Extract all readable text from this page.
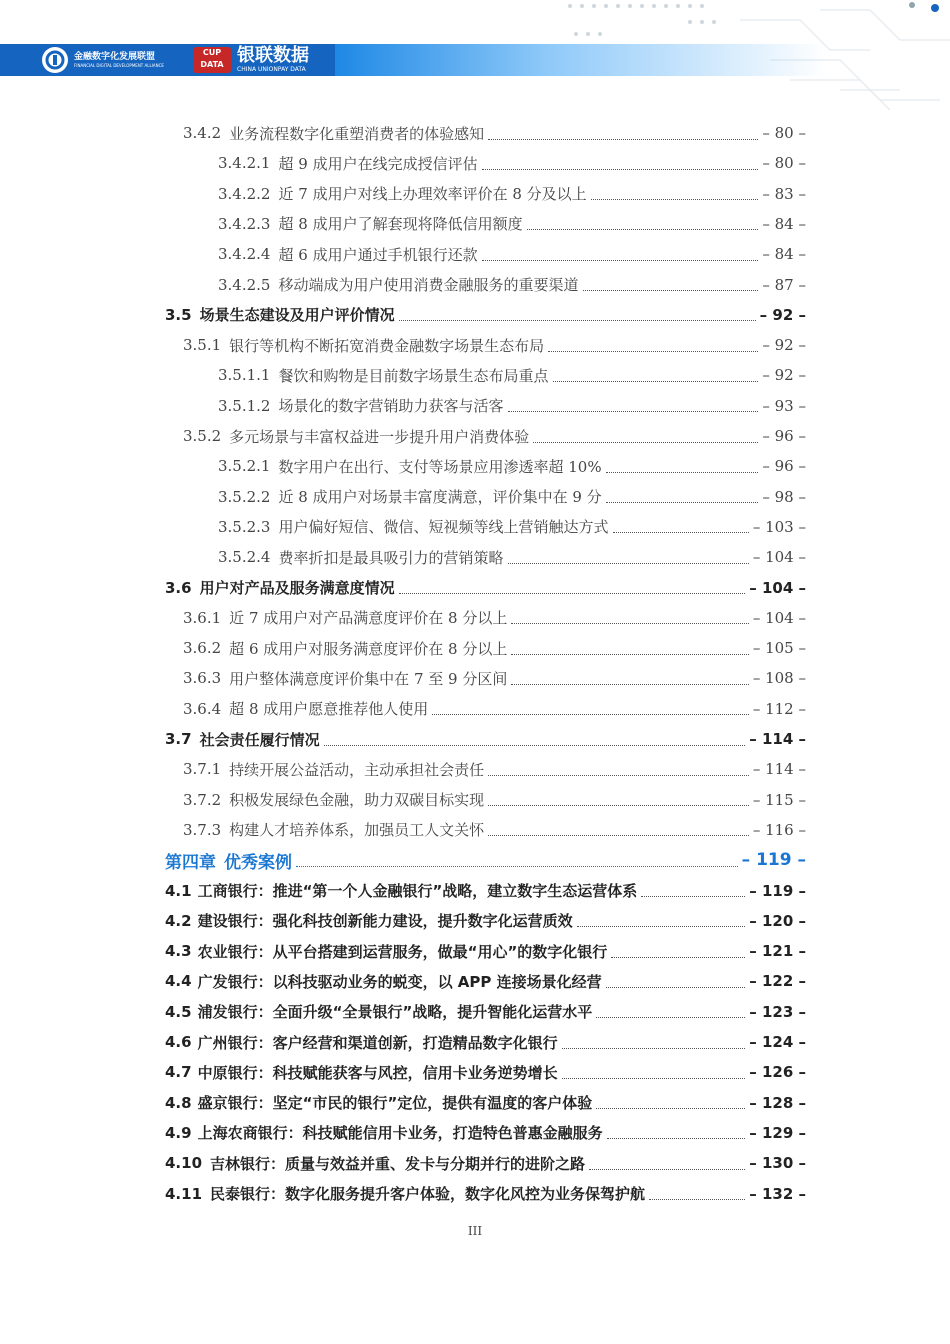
金融数字化发展联盟
FINANCIAL DIGITAL DEVELOPMENT ALLIANCE
CUP DATA 银联数据
CHINA UNIONPAY DATA
3.4.2 业务流程数字化重塑消费者的体验感知	– 80 –
3.4.2.1 超 9 成用户在线完成授信评估	– 80 –
3.4.2.2 近 7 成用户对线上办理效率评价在 8 分及以上	– 83 –
3.4.2.3 超 8 成用户了解套现将降低信用额度	– 84 –
3.4.2.4 超 6 成用户通过手机银行还款	– 84 –
3.4.2.5 移动端成为用户使用消费金融服务的重要渠道	– 87 –
3.5 场景生态建设及用户评价情况	– 92 –
3.5.1 银行等机构不断拓宽消费金融数字场景生态布局	– 92 –
3.5.1.1 餐饮和购物是目前数字场景生态布局重点	– 92 –
3.5.1.2 场景化的数字营销助力获客与活客	– 93 –
3.5.2 多元场景与丰富权益进一步提升用户消费体验	– 96 –
3.5.2.1 数字用户在出行、支付等场景应用渗透率超 10%	– 96 –
3.5.2.2 近 8 成用户对场景丰富度满意，评价集中在 9 分	– 98 –
3.5.2.3 用户偏好短信、微信、短视频等线上营销触达方式	– 103 –
3.5.2.4 费率折扣是最具吸引力的营销策略	– 104 –
3.6 用户对产品及服务满意度情况	– 104 –
3.6.1 近 7 成用户对产品满意度评价在 8 分以上	– 104 –
3.6.2 超 6 成用户对服务满意度评价在 8 分以上	– 105 –
3.6.3 用户整体满意度评价集中在 7 至 9 分区间	– 108 –
3.6.4 超 8 成用户愿意推荐他人使用	– 112 –
3.7 社会责任履行情况	– 114 –
3.7.1 持续开展公益活动，主动承担社会责任	– 114 –
3.7.2 积极发展绿色金融，助力双碳目标实现	– 115 –
3.7.3 构建人才培养体系，加强员工人文关怀	– 116 –
第四章 优秀案例	– 119 –
4.1 工商银行：推进“第一个人金融银行”战略，建立数字生态运营体系	– 119 –
4.2 建设银行：强化科技创新能力建设，提升数字化运营质效	– 120 –
4.3 农业银行：从平台搭建到运营服务，做最“用心”的数字化银行	– 121 –
4.4 广发银行：以科技驱动业务的蜕变，以 APP 连接场景化经营	– 122 –
4.5 浦发银行：全面升级“全景银行”战略，提升智能化运营水平	– 123 –
4.6 广州银行：客户经营和渠道创新，打造精品数字化银行	– 124 –
4.7 中原银行：科技赋能获客与风控，信用卡业务逆势增长	– 126 –
4.8 盛京银行：坚定“市民的银行”定位，提供有温度的客户体验	– 128 –
4.9 上海农商银行：科技赋能信用卡业务，打造特色普惠金融服务	– 129 –
4.10 吉林银行：质量与效益并重、发卡与分期并行的进阶之路	– 130 –
4.11 民泰银行：数字化服务提升客户体验，数字化风控为业务保驾护航	– 132 –
III
